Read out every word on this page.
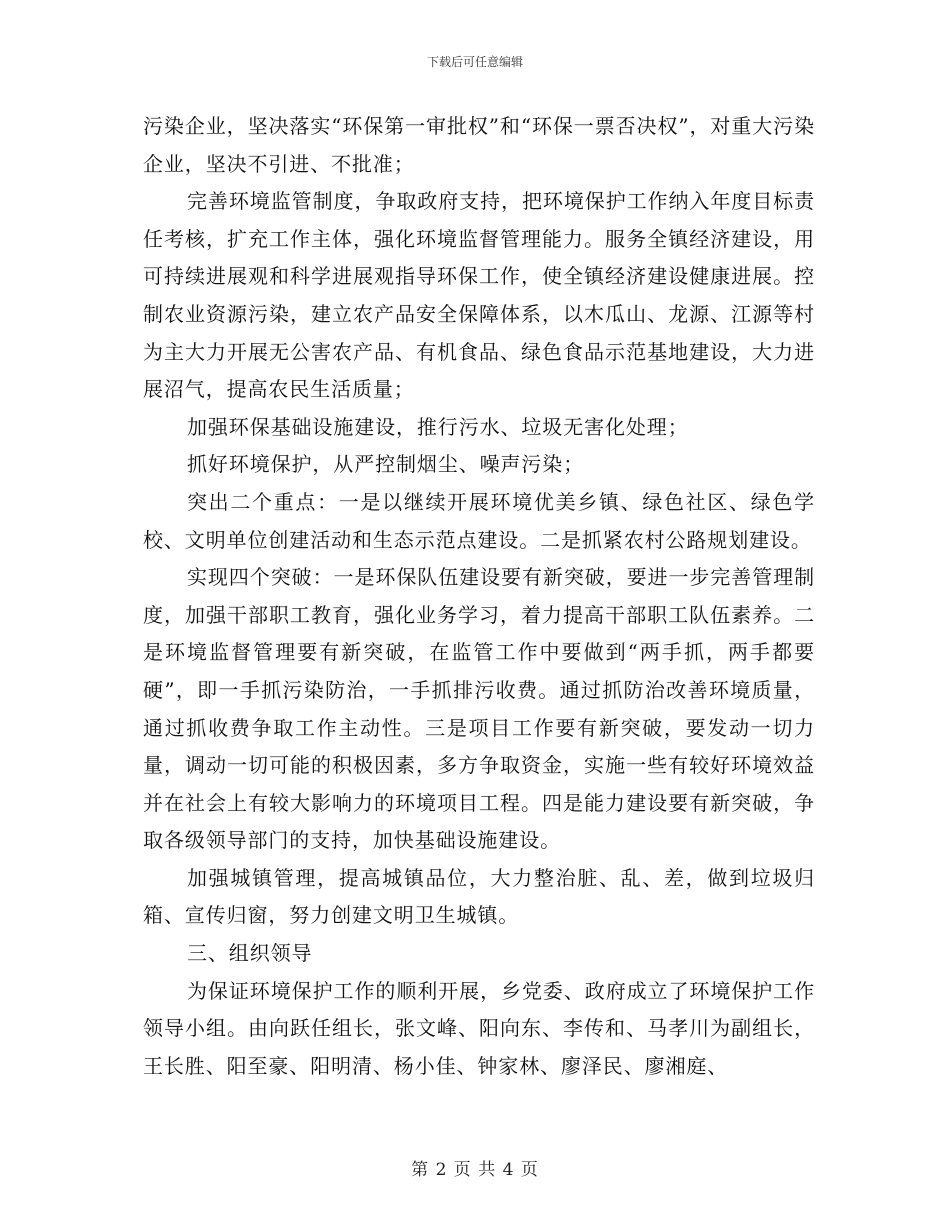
下载后可任意编辑

污染企业，坚决落实“环保第一审批权”和“环保一票否决权”，对重大污染企业，坚决不引进、不批准；

完善环境监管制度，争取政府支持，把环境保护工作纳入年度目标责任考核，扩充工作主体，强化环境监督管理能力。服务全镇经济建设，用可持续进展观和科学进展观指导环保工作，使全镇经济建设健康进展。控制农业资源污染，建立农产品安全保障体系，以木瓜山、龙源、江源等村为主大力开展无公害农产品、有机食品、绿色食品示范基地建设，大力进展沼气，提高农民生活质量；

加强环保基础设施建设，推行污水、垃圾无害化处理；

抓好环境保护，从严控制烟尘、噪声污染；

突出二个重点：一是以继续开展环境优美乡镇、绿色社区、绿色学校、文明单位创建活动和生态示范点建设。二是抓紧农村公路规划建设。

实现四个突破：一是环保队伍建设要有新突破，要进一步完善管理制度，加强干部职工教育，强化业务学习，着力提高干部职工队伍素养。二是环境监督管理要有新突破，在监管工作中要做到“两手抓，两手都要硬”，即一手抓污染防治，一手抓排污收费。通过抓防治改善环境质量，通过抓收费争取工作主动性。三是项目工作要有新突破，要发动一切力量，调动一切可能的积极因素，多方争取资金，实施一些有较好环境效益并在社会上有较大影响力的环境项目工程。四是能力建设要有新突破，争取各级领导部门的支持，加快基础设施建设。

加强城镇管理，提高城镇品位，大力整治脏、乱、差，做到垃圾归箱、宣传归窗，努力创建文明卫生城镇。

三、组织领导

为保证环境保护工作的顺利开展，乡党委、政府成立了环境保护工作领导小组。由向跃任组长，张文峰、阳向东、李传和、马孝川为副组长，王长胜、阳至豪、阳明清、杨小佳、钟家林、廖泽民、廖湘庭、

第 2 页 共 4 页
